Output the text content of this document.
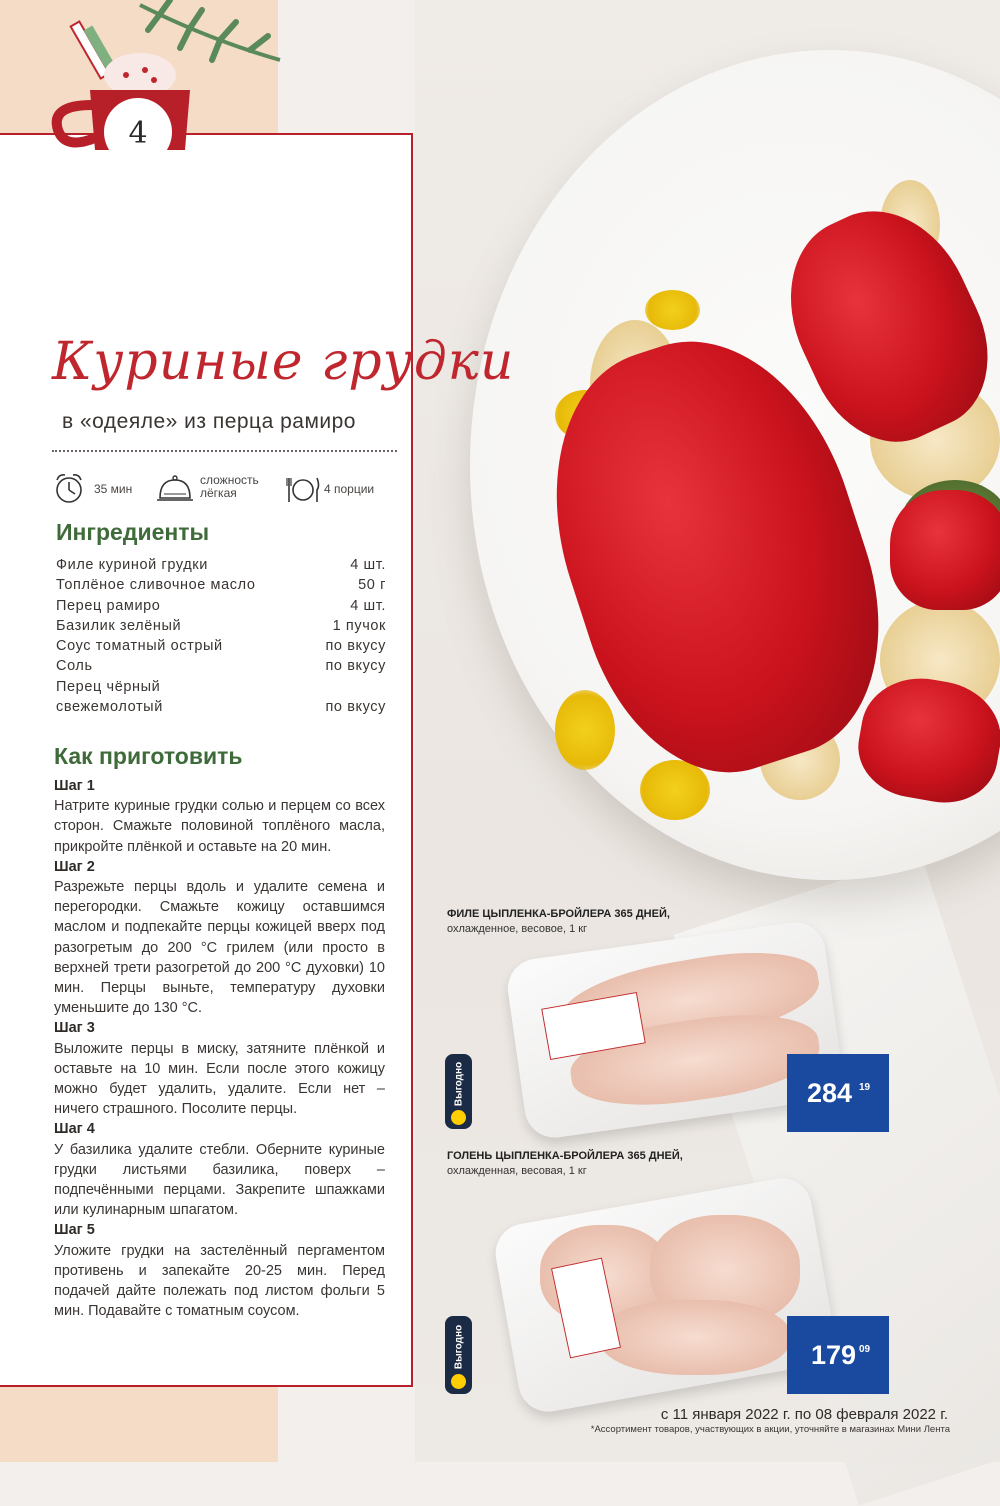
4
Куриные грудки
в «одеяле» из перца рамиро
35 мин
сложность
лёгкая	4 порции
Ингредиенты
Филе куриной грудки	4 шт.
Топлёное сливочное масло	50 г
Перец рамиро	4 шт.
Базилик зелёный	1 пучок
Соус томатный острый	по вкусу
Соль	по вкусу
Перец чёрный
свежемолотый	по вкусу
Как приготовить
Шаг 1
Натрите куриные грудки солью и перцем со всех сторон. Смажьте половиной топлёного масла, прикройте плёнкой и оставьте на 20 мин.
Шаг 2
Разрежьте перцы вдоль и удалите семена и перегородки. Смажьте кожицу оставшимся маслом и подпекайте перцы кожицей вверх под разогретым до 200 °С грилем (или просто в верхней трети разогретой до 200 °С духовки) 10 мин. Перцы выньте, температуру духовки уменьшите до 130 °С.
Шаг 3
Выложите перцы в миску, затяните плёнкой и оставьте на 10 мин. Если после этого кожицу можно будет удалить, удалите. Если нет – ничего страшного. Посолите перцы.
Шаг 4
У базилика удалите стебли. Оберните куриные грудки листьями базилика, поверх – подпечёнными перцами. Закрепите шпажками или кулинарным шпагатом.
Шаг 5
Уложите грудки на застелённый пергаментом противень и запекайте 20-25 мин. Перед подачей дайте полежать под листом фольги 5 мин. Подавайте с томатным соусом.
ФИЛЕ ЦЫПЛЕНКА-БРОЙЛЕРА 365 ДНЕЙ,
охлажденное, весовое, 1 кг
Выгодно	284 19
ГОЛЕНЬ ЦЫПЛЕНКА-БРОЙЛЕРА 365 ДНЕЙ,
охлажденная, весовая, 1 кг
Выгодно	179 09
с 11 января 2022 г. по 08 февраля 2022 г.
*Ассортимент товаров, участвующих в акции, уточняйте в магазинах Мини Лента
